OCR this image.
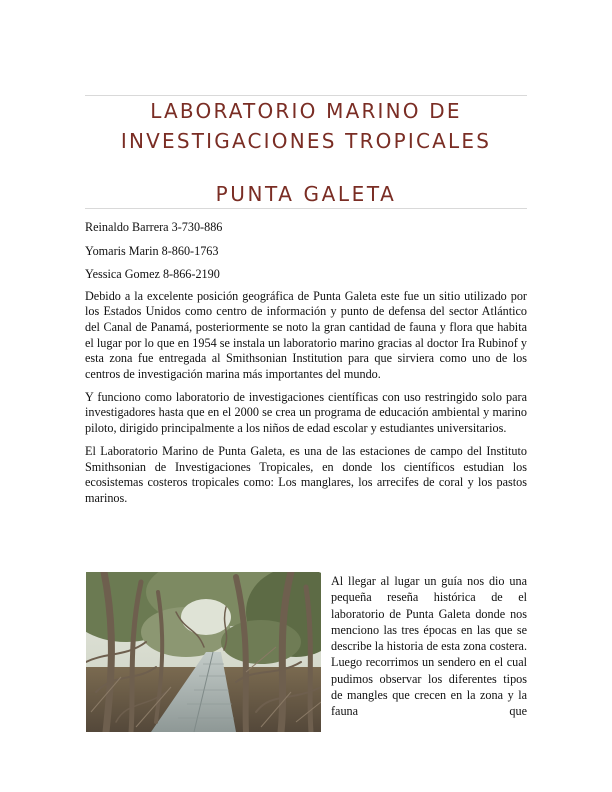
LABORATORIO MARINO DE
INVESTIGACIONES TROPICALES
PUNTA GALETA

Reinaldo Barrera 3-730-886

Yomaris Marin 8-860-1763

Yessica Gomez 8-866-2190

Debido a la excelente posición geográfica de Punta Galeta este fue un sitio utilizado por los Estados Unidos como centro de información y punto de defensa del sector Atlántico del Canal de Panamá, posteriormente se noto la gran cantidad de fauna y flora que habita el lugar por lo que en 1954 se instala un laboratorio marino gracias al doctor Ira Rubinof y esta zona fue entregada al Smithsonian Institution para que sirviera como uno de los centros de investigación marina más importantes del mundo.

Y funciono como laboratorio de investigaciones científicas con uso restringido solo para investigadores hasta que en el 2000 se crea un programa de educación ambiental y marino piloto, dirigido principalmente a los niños de edad escolar y estudiantes universitarios.

El Laboratorio Marino de Punta Galeta, es una de las estaciones de campo del Instituto Smithsonian de Investigaciones Tropicales, en donde los científicos estudian los ecosistemas costeros tropicales como: Los manglares, los arrecifes de coral y los pastos marinos.

Al llegar al lugar un guía nos dio una pequeña reseña histórica de el laboratorio de Punta Galeta donde nos menciono las tres épocas en las que se describe la historia de esta zona costera. Luego recorrimos un sendero en el cual pudimos observar los diferentes tipos de mangles que crecen en la zona y la fauna que
